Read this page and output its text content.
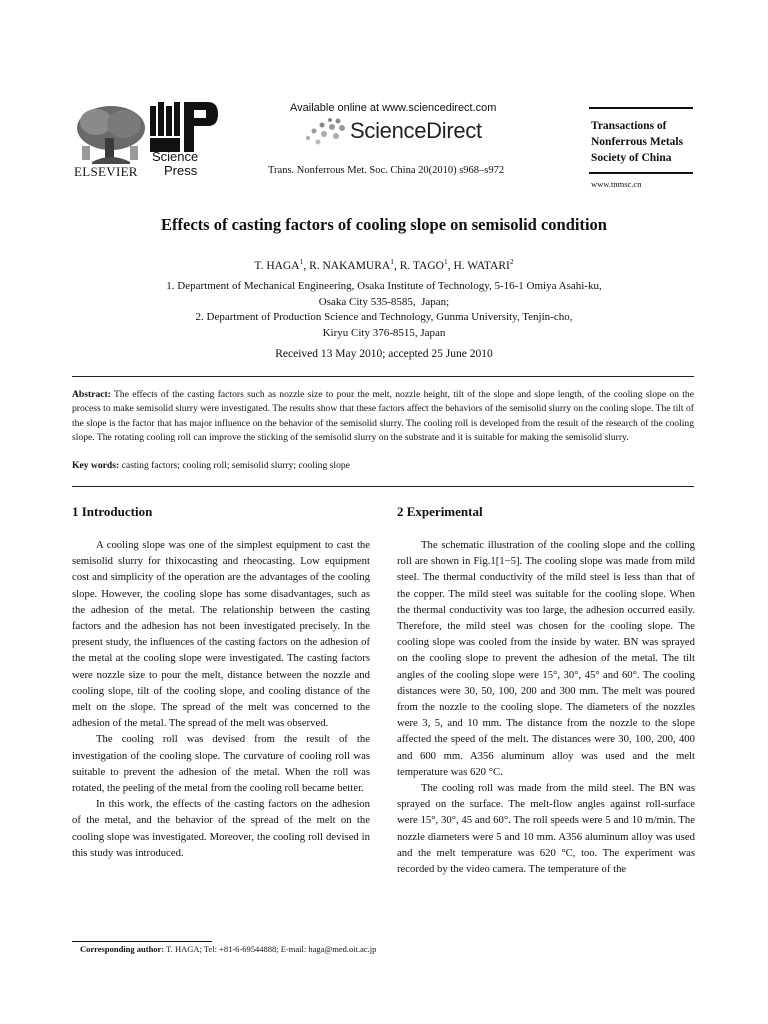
ELSEVIER
Science
Press
Available online at www.sciencedirect.com
ScienceDirect
Trans. Nonferrous Met. Soc. China 20(2010) s968–s972
Transactions of
Nonferrous Metals
Society of China
www.tnmsc.cn
Effects of casting factors of cooling slope on semisolid condition
T. HAGA$^1$, R. NAKAMURA$^1$, R. TAGO$^1$, H. WATARI$^2$
1. Department of Mechanical Engineering, Osaka Institute of Technology, 5-16-1 Omiya Asahi-ku,
Osaka City 535-8585,  Japan;
2. Department of Production Science and Technology, Gunma University, Tenjin-cho,
Kiryu City 376-8515, Japan
Received 13 May 2010; accepted 25 June 2010
Abstract: The effects of the casting factors such as nozzle size to pour the melt, nozzle height, tilt of the slope and slope length, of the cooling slope on the process to make semisolid slurry were investigated. The results show that these factors affect the behaviors of the semisolid slurry on the cooling slope. The tilt of the slope is the factor that has major influence on the behavior of the semisolid slurry. The cooling roll is developed from the result of the research of the cooling slope. The rotating cooling roll can improve the sticking of the semisolid slurry on the substrate and it is suitable for making the semisolid slurry.
Key words: casting factors; cooling roll; semisolid slurry; cooling slope
1 Introduction

A cooling slope was one of the simplest equipment to cast the semisolid slurry for thixocasting and rheocasting. Low equipment cost and simplicity of the operation are the advantages of the cooling slope. However, the cooling slope has some disadvantages, such as the adhesion of the metal. The relationship between the casting factors and the adhesion has not been investigated precisely. In the present study, the influences of the casting factors on the adhesion of the metal at the cooling slope were investigated. The casting factors were nozzle size to pour the melt, distance between the nozzle and cooling slope, tilt of the cooling slope, and cooling distance of the melt on the slope. The spread of the melt was concerned to the adhesion of the metal. The spread of the melt was observed.

The cooling roll was devised from the result of the investigation of the cooling slope. The curvature of cooling roll was suitable to prevent the adhesion of the metal. When the roll was rotated, the peeling of the metal from the cooling roll became better.

In this work, the effects of the casting factors on the adhesion of the metal, and the behavior of the spread of the melt on the cooling slope was investigated. Moreover, the cooling roll devised in this study was introduced.

2 Experimental

The schematic illustration of the cooling slope and the colling roll are shown in Fig.1[1−5]. The cooling slope was made from mild steel. The thermal conductivity of the mild steel is less than that of the copper. The mild steel was suitable for the cooling slope. When the thermal conductivity was too large, the adhesion occurred easily. Therefore, the mild steel was chosen for the cooling slope. The cooling slope was cooled from the inside by water. BN was sprayed on the cooling slope to prevent the adhesion of the metal. The tilt angles of the cooling slope were 15°, 30°, 45° and 60°. The cooling distances were 30, 50, 100, 200 and 300 mm. The melt was poured from the nozzle to the cooling slope. The diameters of the nozzles were 3, 5, and 10 mm. The distance from the nozzle to the slope affected the speed of the melt. The distances were 30, 100, 200, 400 and 600 mm. A356 aluminum alloy was used and the melt temperature was 620 °C.

The cooling roll was made from the mild steel. The BN was sprayed on the surface. The melt-flow angles against roll-surface were 15°, 30°, 45 and 60°. The roll speeds were 5 and 10 m/min. The nozzle diameters were 5 and 10 mm. A356 aluminum alloy was used and the melt temperature was 620 °C, too. The experiment was recorded by the video camera. The temperature of the

Corresponding author: T. HAGA; Tel: +81-6-69544888; E-mail: haga@med.oit.ac.jp
